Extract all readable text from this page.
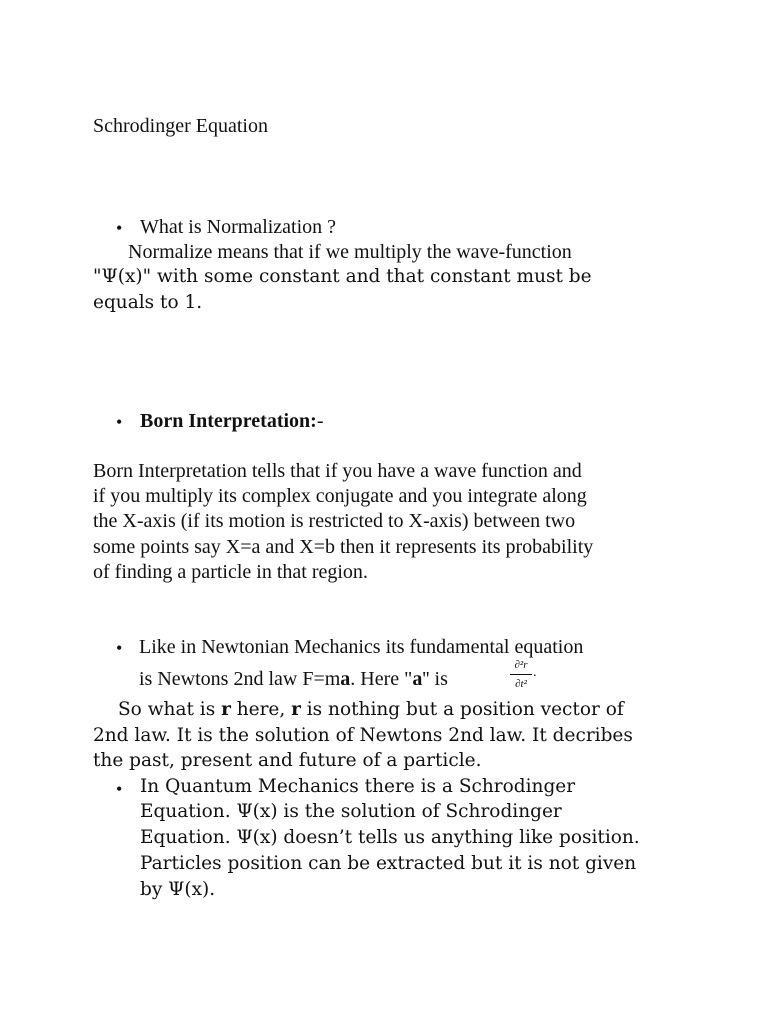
Schrodinger Equation

• What is Normalization ?

Normalize means that if we multiply the wave-function

"Ψ(x)" with some constant and that constant must be

equals to 1.

• Born Interpretation:-

Born Interpretation tells that if you have a wave function and

if you multiply its complex conjugate and you integrate along

the X-axis (if its motion is restricted to X-axis) between two

some points say X=a and X=b then it represents its probability

of finding a particle in that region.

• Like in Newtonian Mechanics its fundamental equation

is Newtons 2nd law F=ma. Here "a'' is

∂²r
∂t²
.

So what is r here, r is nothing but a position vector of

2nd law. It is the solution of Newtons 2nd law. It decribes

the past, present and future of a particle.

• In Quantum Mechanics there is a Schrodinger

Equation. Ψ(x) is the solution of Schrodinger

Equation. Ψ(x) doesn’t tells us anything like position.

Particles position can be extracted but it is not given

by Ψ(x).
